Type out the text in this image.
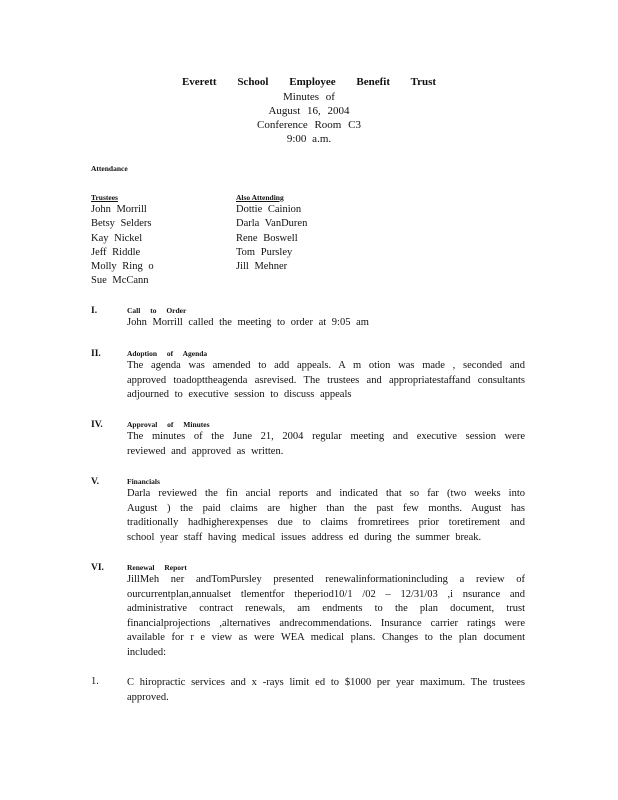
Everett School Employee Benefit Trust
Minutes of
August 16, 2004
Conference Room C3
9:00 a.m.
Attendance
Trustees
John Morrill
Betsy Selders
Kay Nickel
Jeff Riddle
Molly Ring o
Sue McCann
Also Attending
Dottie Cainion
Darla VanDuren
Rene Boswell
Tom Pursley
Jill Mehner
I.	Call to Order
John Morrill called the meeting to order at 9:05 am
II.	Adoption of Agenda
The agenda was amended to add appeals. A m otion was made , seconded and approved toadopttheagenda asrevised. The trustees and appropriatestaffand consultants adjourned to executive session to discuss appeals
IV.	Approval of Minutes
The minutes of the June 21, 2004 regular meeting and executive session were reviewed and approved as written.
V.	Financials
Darla reviewed the fin ancial reports and indicated that so far (two weeks into August ) the paid claims are higher than the past few months. August has traditionally hadhigherexpenses due to claims fromretirees prior toretirement and school year staff having medical issues address ed during the summer break.
VI.	Renewal Report
JillMeh ner andTomPursley presented renewalinformationincluding a review of ourcurrentplan,annualset tlementfor theperiod10/1 /02 – 12/31/03 ,i nsurance and administrative contract renewals, am endments to the plan document, trust financialprojections ,alternatives andrecommendations. Insurance carrier ratings were available for r e view as were WEA medical plans. Changes to the plan document included:
1.	C hiropractic services and x -rays limit ed to $1000 per year maximum. The trustees approved.
